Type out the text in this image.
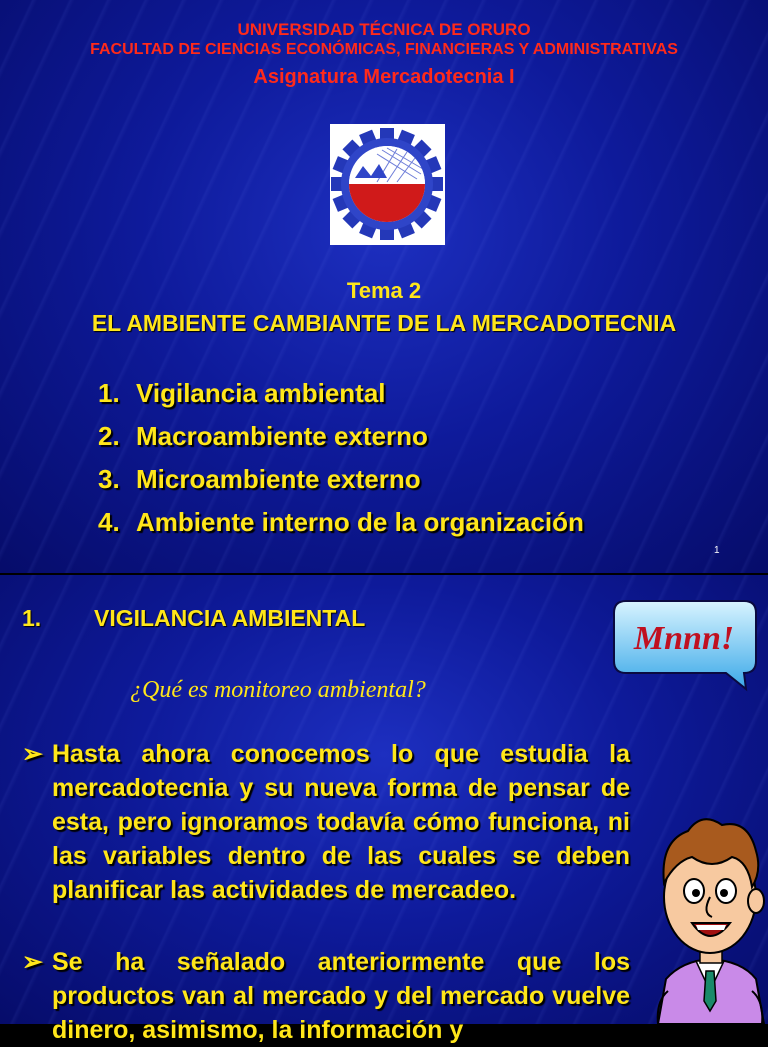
UNIVERSIDAD TÉCNICA DE ORURO
FACULTAD DE CIENCIAS ECONÓMICAS, FINANCIERAS Y ADMINISTRATIVAS
Asignatura Mercadotecnia I
Tema 2
EL AMBIENTE CAMBIANTE DE LA MERCADOTECNIA
1. Vigilancia ambiental
2. Macroambiente externo
3. Microambiente externo
4. Ambiente interno de la organización
1
1. VIGILANCIA AMBIENTAL
¿Qué es monitoreo ambiental?
Mnnn!
➢ Hasta ahora conocemos lo que estudia la mercadotecnia y su nueva forma de pensar de esta, pero ignoramos todavía cómo funciona, ni las variables dentro de las cuales se deben planificar las actividades de mercadeo.
➢ Se ha señalado anteriormente que los productos van al mercado y del mercado vuelve dinero, asimismo, la información y
